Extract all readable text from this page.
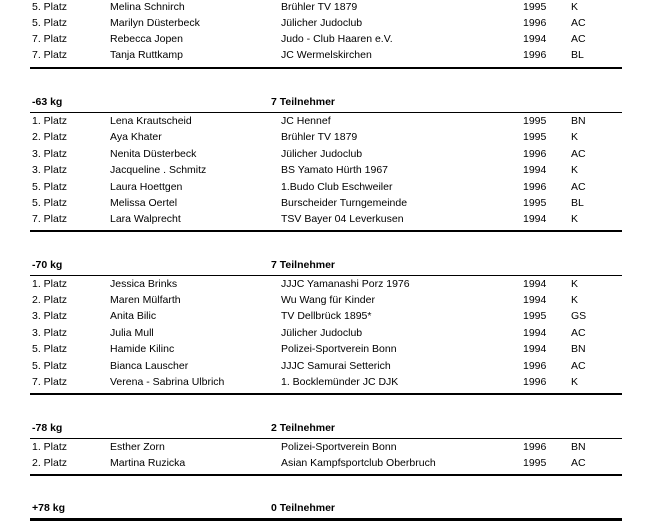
5. Platz	Melina Schnirch	Brühler TV 1879	1995 K
5. Platz	Marilyn Düsterbeck	Jülicher Judoclub	1996 AC
7. Platz	Rebecca Jopen	Judo - Club Haaren e.V.	1994 AC
7. Platz	Tanja Ruttkamp	JC Wermelskirchen	1996 BL
-63 kg	7 Teilnehmer
1. Platz	Lena Krautscheid	JC Hennef	1995 BN
2. Platz	Aya Khater	Brühler TV 1879	1995 K
3. Platz	Nenita Düsterbeck	Jülicher Judoclub	1996 AC
3. Platz	Jacqueline . Schmitz	BS Yamato Hürth 1967	1994 K
5. Platz	Laura Hoettgen	1.Budo Club Eschweiler	1996 AC
5. Platz	Melissa Oertel	Burscheider Turngemeinde	1995 BL
7. Platz	Lara Walprecht	TSV Bayer 04 Leverkusen	1994 K
-70 kg	7 Teilnehmer
1. Platz	Jessica Brinks	JJJC Yamanashi Porz 1976	1994 K
2. Platz	Maren Mülfarth	Wu Wang für Kinder	1994 K
3. Platz	Anita Bilic	TV Dellbrück 1895*	1995 GS
3. Platz	Julia Mull	Jülicher Judoclub	1994 AC
5. Platz	Hamide Kilinc	Polizei-Sportverein Bonn	1994 BN
5. Platz	Bianca Lauscher	JJJC Samurai Setterich	1996 AC
7. Platz	Verena - Sabrina Ulbrich	1. Bocklemünder JC DJK	1996 K
-78 kg	2 Teilnehmer
1. Platz	Esther Zorn	Polizei-Sportverein Bonn	1996 BN
2. Platz	Martina Ruzicka	Asian Kampfsportclub Oberbruch	1995 AC
+78 kg	0 Teilnehmer
